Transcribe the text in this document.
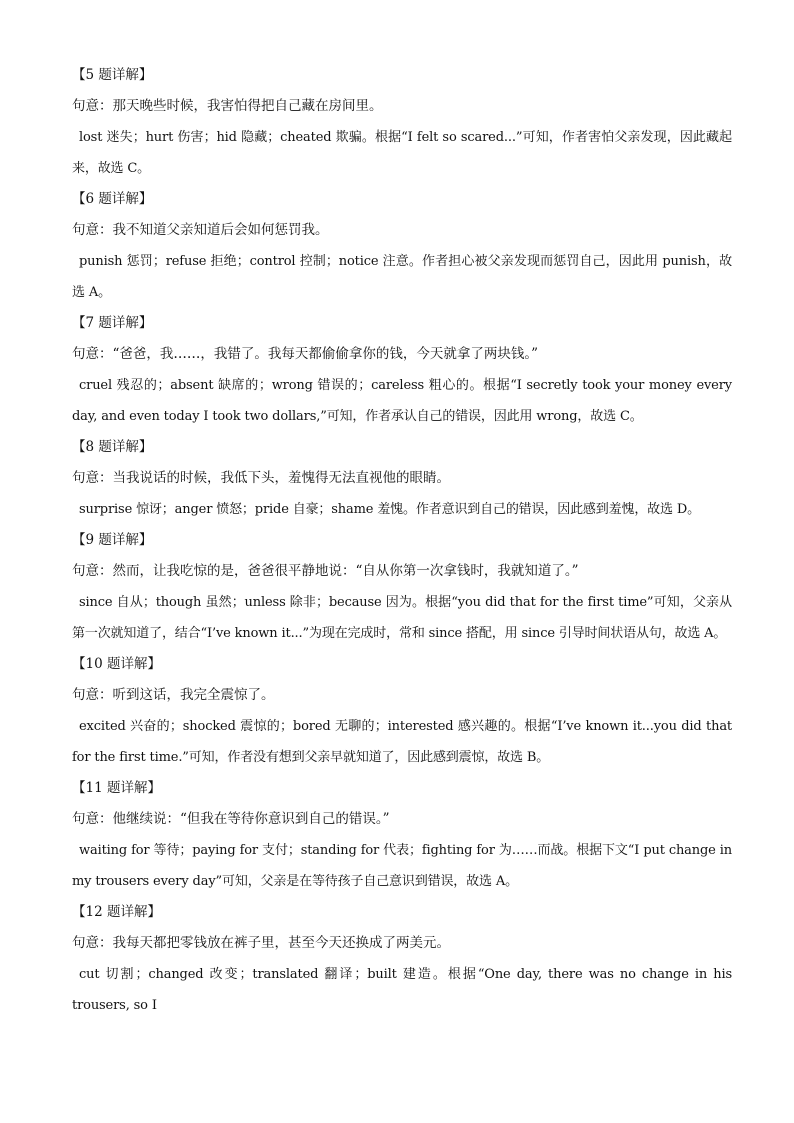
【5 题详解】
句意：那天晚些时候，我害怕得把自己藏在房间里。
lost 迷失；hurt 伤害；hid 隐藏；cheated 欺骗。根据“I felt so scared...”可知，作者害怕父亲发现，因此藏起来，故选 C。
【6 题详解】
句意：我不知道父亲知道后会如何惩罚我。
punish 惩罚；refuse 拒绝；control 控制；notice 注意。作者担心被父亲发现而惩罚自己，因此用 punish，故选 A。
【7 题详解】
句意：“爸爸，我……，我错了。我每天都偷偷拿你的钱，今天就拿了两块钱。”
cruel 残忍的；absent 缺席的；wrong 错误的；careless 粗心的。根据“I secretly took your money every day, and even today I took two dollars,”可知，作者承认自己的错误，因此用 wrong，故选 C。
【8 题详解】
句意：当我说话的时候，我低下头，羞愧得无法直视他的眼睛。
surprise 惊讶；anger 愤怒；pride 自豪；shame 羞愧。作者意识到自己的错误，因此感到羞愧，故选 D。
【9 题详解】
句意：然而，让我吃惊的是，爸爸很平静地说：“自从你第一次拿钱时，我就知道了。”
since 自从；though 虽然；unless 除非；because 因为。根据“you did that for the first time”可知，父亲从第一次就知道了，结合“I’ve known it...”为现在完成时，常和 since 搭配，用 since 引导时间状语从句，故选 A。
【10 题详解】
句意：听到这话，我完全震惊了。
excited 兴奋的；shocked 震惊的；bored 无聊的；interested 感兴趣的。根据“I’ve known it...you did that for the first time.”可知，作者没有想到父亲早就知道了，因此感到震惊，故选 B。
【11 题详解】
句意：他继续说：“但我在等待你意识到自己的错误。”
waiting for 等待；paying for 支付；standing for 代表；fighting for 为……而战。根据下文“I put change in my trousers every day”可知，父亲是在等待孩子自己意识到错误，故选 A。
【12 题详解】
句意：我每天都把零钱放在裤子里，甚至今天还换成了两美元。
cut 切割；changed 改变；translated 翻译；built 建造。根据“One day, there was no change in his trousers, so I
